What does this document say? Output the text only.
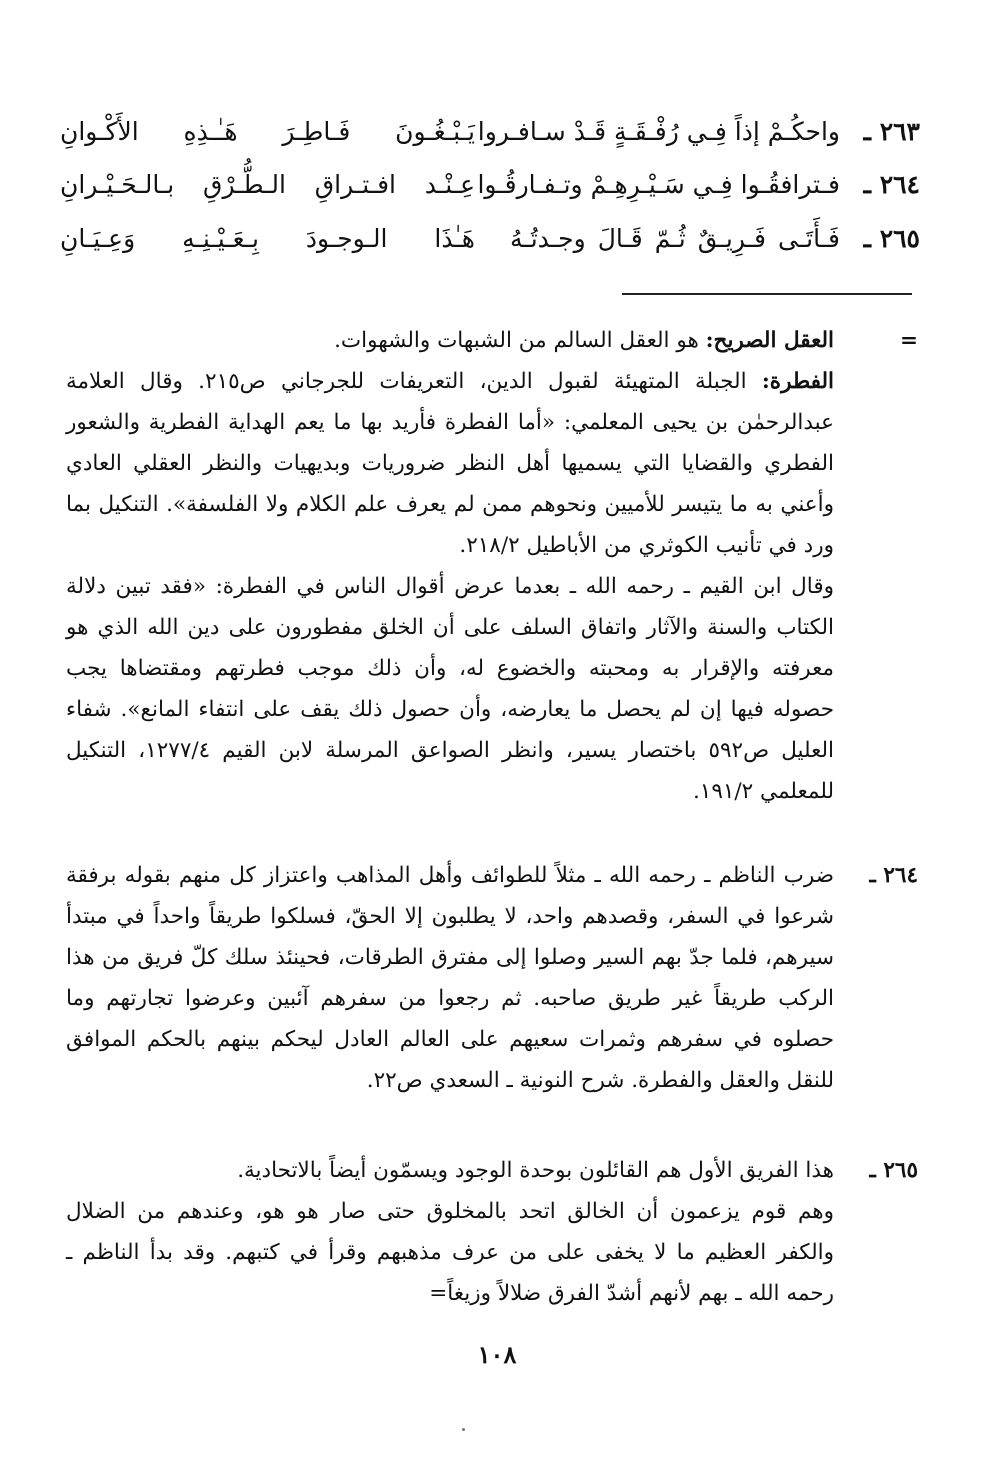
٢٦٣ ـ
واحكُـمْ إذاً فِـي رُفْـقَـةٍ قَـدْ سـافـروا
يَـبْـغُـونَ فَـاطِـرَ هَـٰـذِهِ الأَكْـوانِ
٢٦٤ ـ
فـترافقُـوا فِـي سَـيْـرِهِـمْ وتـفـارقُـوا
عِـنْـد افـتـراقِ الـطُّـرْقِ بـالـحَـيْـرانِ
٢٦٥ ـ
فَـأَتَـى فَـرِيـقٌ ثُـمّ قَـالَ وجـدتُـهُ
هَـٰذَا الـوجـودَ بِـعَـيْـنِـهِ وَعِـيَـانِ
=
العقل الصريح: هو العقل السالم من الشبهات والشهوات.
الفطرة: الجبلة المتهيئة لقبول الدين، التعريفات للجرجاني ص٢١٥. وقال العلامة عبدالرحمٰن بن يحيى المعلمي: «أما الفطرة فأريد بها ما يعم الهداية الفطرية والشعور الفطري والقضايا التي يسميها أهل النظر ضروريات وبديهيات والنظر العقلي العادي وأعني به ما يتيسر للأميين ونحوهم ممن لم يعرف علم الكلام ولا الفلسفة». التنكيل بما ورد في تأنيب الكوثري من الأباطيل ٢١٨/٢.
وقال ابن القيم ـ رحمه الله ـ بعدما عرض أقوال الناس في الفطرة: «فقد تبين دلالة الكتاب والسنة والآثار واتفاق السلف على أن الخلق مفطورون على دين الله الذي هو معرفته والإقرار به ومحبته والخضوع له، وأن ذلك موجب فطرتهم ومقتضاها يجب حصوله فيها إن لم يحصل ما يعارضه، وأن حصول ذلك يقف على انتفاء المانع». شفاء العليل ص٥٩٢ باختصار يسير، وانظر الصواعق المرسلة لابن القيم ١٢٧٧/٤، التنكيل للمعلمي ١٩١/٢.
٢٦٤ ـ
ضرب الناظم ـ رحمه الله ـ مثلاً للطوائف وأهل المذاهب واعتزاز كل منهم بقوله برفقة شرعوا في السفر، وقصدهم واحد، لا يطلبون إلا الحقّ، فسلكوا طريقاً واحداً في مبتدأ سيرهم، فلما جدّ بهم السير وصلوا إلى مفترق الطرقات، فحينئذ سلك كلّ فريق من هذا الركب طريقاً غير طريق صاحبه. ثم رجعوا من سفرهم آئبين وعرضوا تجارتهم وما حصلوه في سفرهم وثمرات سعيهم على العالم العادل ليحكم بينهم بالحكم الموافق للنقل والعقل والفطرة. شرح النونية ـ السعدي ص٢٢.
٢٦٥ ـ
هذا الفريق الأول هم القائلون بوحدة الوجود ويسمّون أيضاً بالاتحادية.
وهم قوم يزعمون أن الخالق اتحد بالمخلوق حتى صار هو هو، وعندهم من الضلال والكفر العظيم ما لا يخفى على من عرف مذهبهم وقرأ في كتبهم. وقد بدأ الناظم ـ رحمه الله ـ بهم لأنهم أشدّ الفرق ضلالاً وزيغاً=
١٠٨
